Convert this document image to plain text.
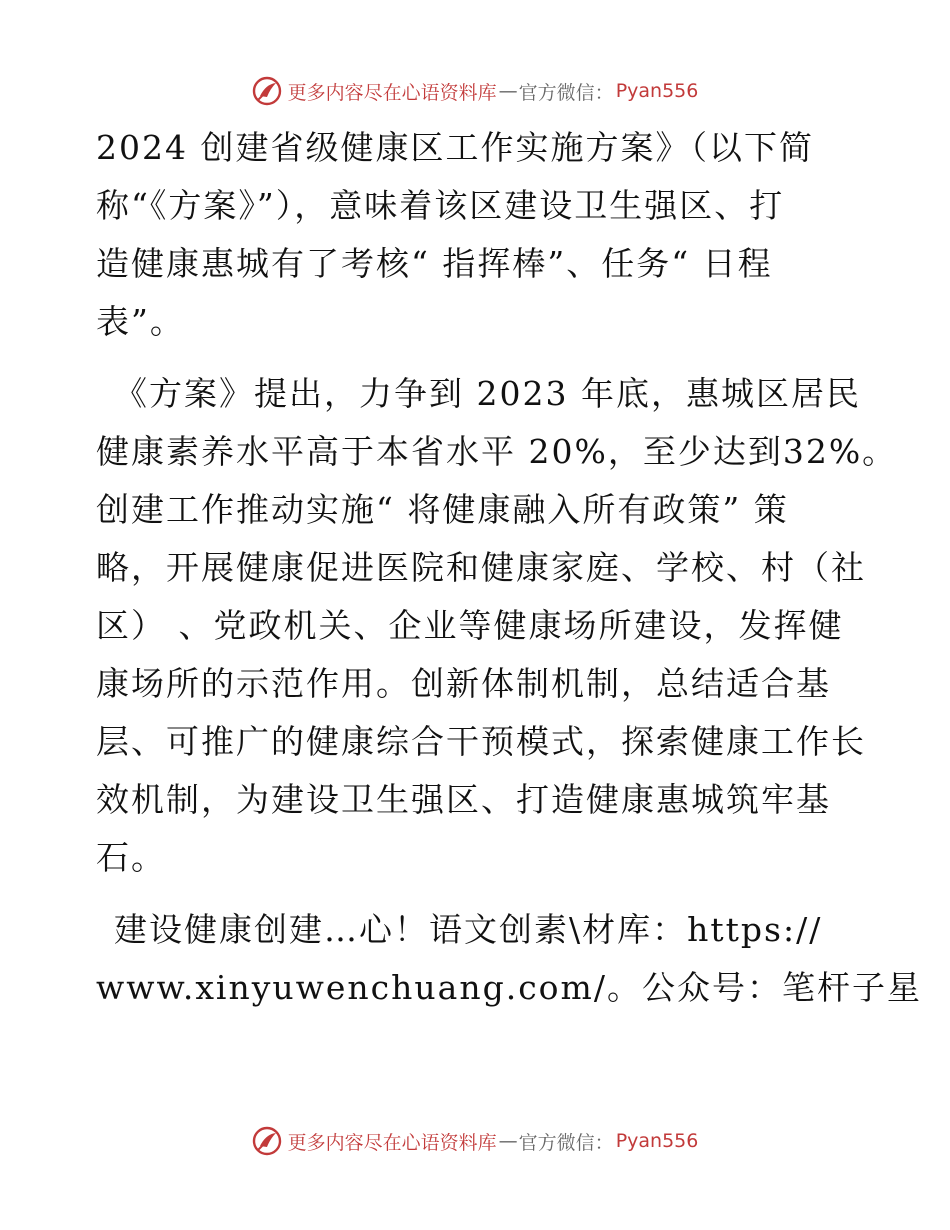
更多内容尽在心语资料库 — 官方微信： Pyan556
2024 创建省级健康区工作实施方案》（以下简
称“《方案》”），意味着该区建设卫生强区、打
造健康惠城有了考核“ 指挥棒”、任务“ 日程
表”。
《方案》提出，力争到 2023 年底，惠城区居民
健康素养水平高于本省水平 20%，至少达到32%。
创建工作推动实施“ 将健康融入所有政策” 策
略，开展健康促进医院和健康家庭、学校、村（社
区） 、党政机关、企业等健康场所建设，发挥健
康场所的示范作用。创新体制机制，总结适合基
层、可推广的健康综合干预模式，探索健康工作长
效机制，为建设卫生强区、打造健康惠城筑牢基
石。
建设健康创建…心！语文创素\材库：https://
www.xinyuwenchuang.com/。公众号：笔杆子星
更多内容尽在心语资料库 — 官方微信： Pyan556
